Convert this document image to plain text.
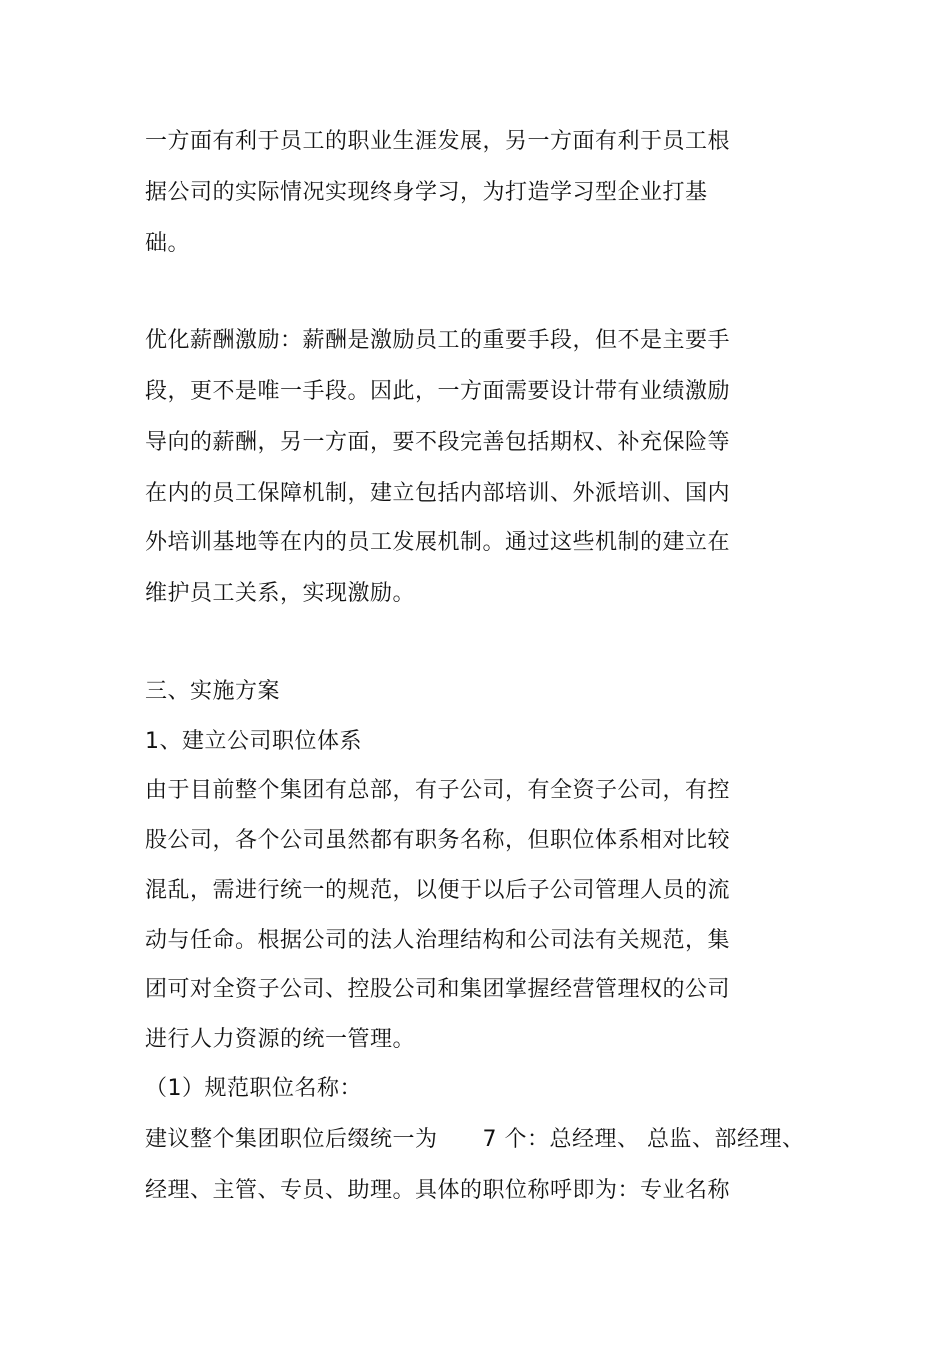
一方面有利于员工的职业生涯发展，另一方面有利于员工根
据公司的实际情况实现终身学习，为打造学习型企业打基
础。
优化薪酬激励：薪酬是激励员工的重要手段，但不是主要手
段，更不是唯一手段。因此，一方面需要设计带有业绩激励
导向的薪酬，另一方面，要不段完善包括期权、补充保险等
在内的员工保障机制，建立包括内部培训、外派培训、国内
外培训基地等在内的员工发展机制。通过这些机制的建立在
维护员工关系，实现激励。
三、实施方案
1、建立公司职位体系
由于目前整个集团有总部，有子公司，有全资子公司，有控
股公司，各个公司虽然都有职务名称，但职位体系相对比较
混乱，需进行统一的规范，以便于以后子公司管理人员的流
动与任命。根据公司的法人治理结构和公司法有关规范，集
团可对全资子公司、控股公司和集团掌握经营管理权的公司
进行人力资源的统一管理。
（1）规范职位名称：
建议整个集团职位后缀统一为　　7 个：总经理、 总监、部经理、
经理、主管、专员、助理。具体的职位称呼即为：专业名称
